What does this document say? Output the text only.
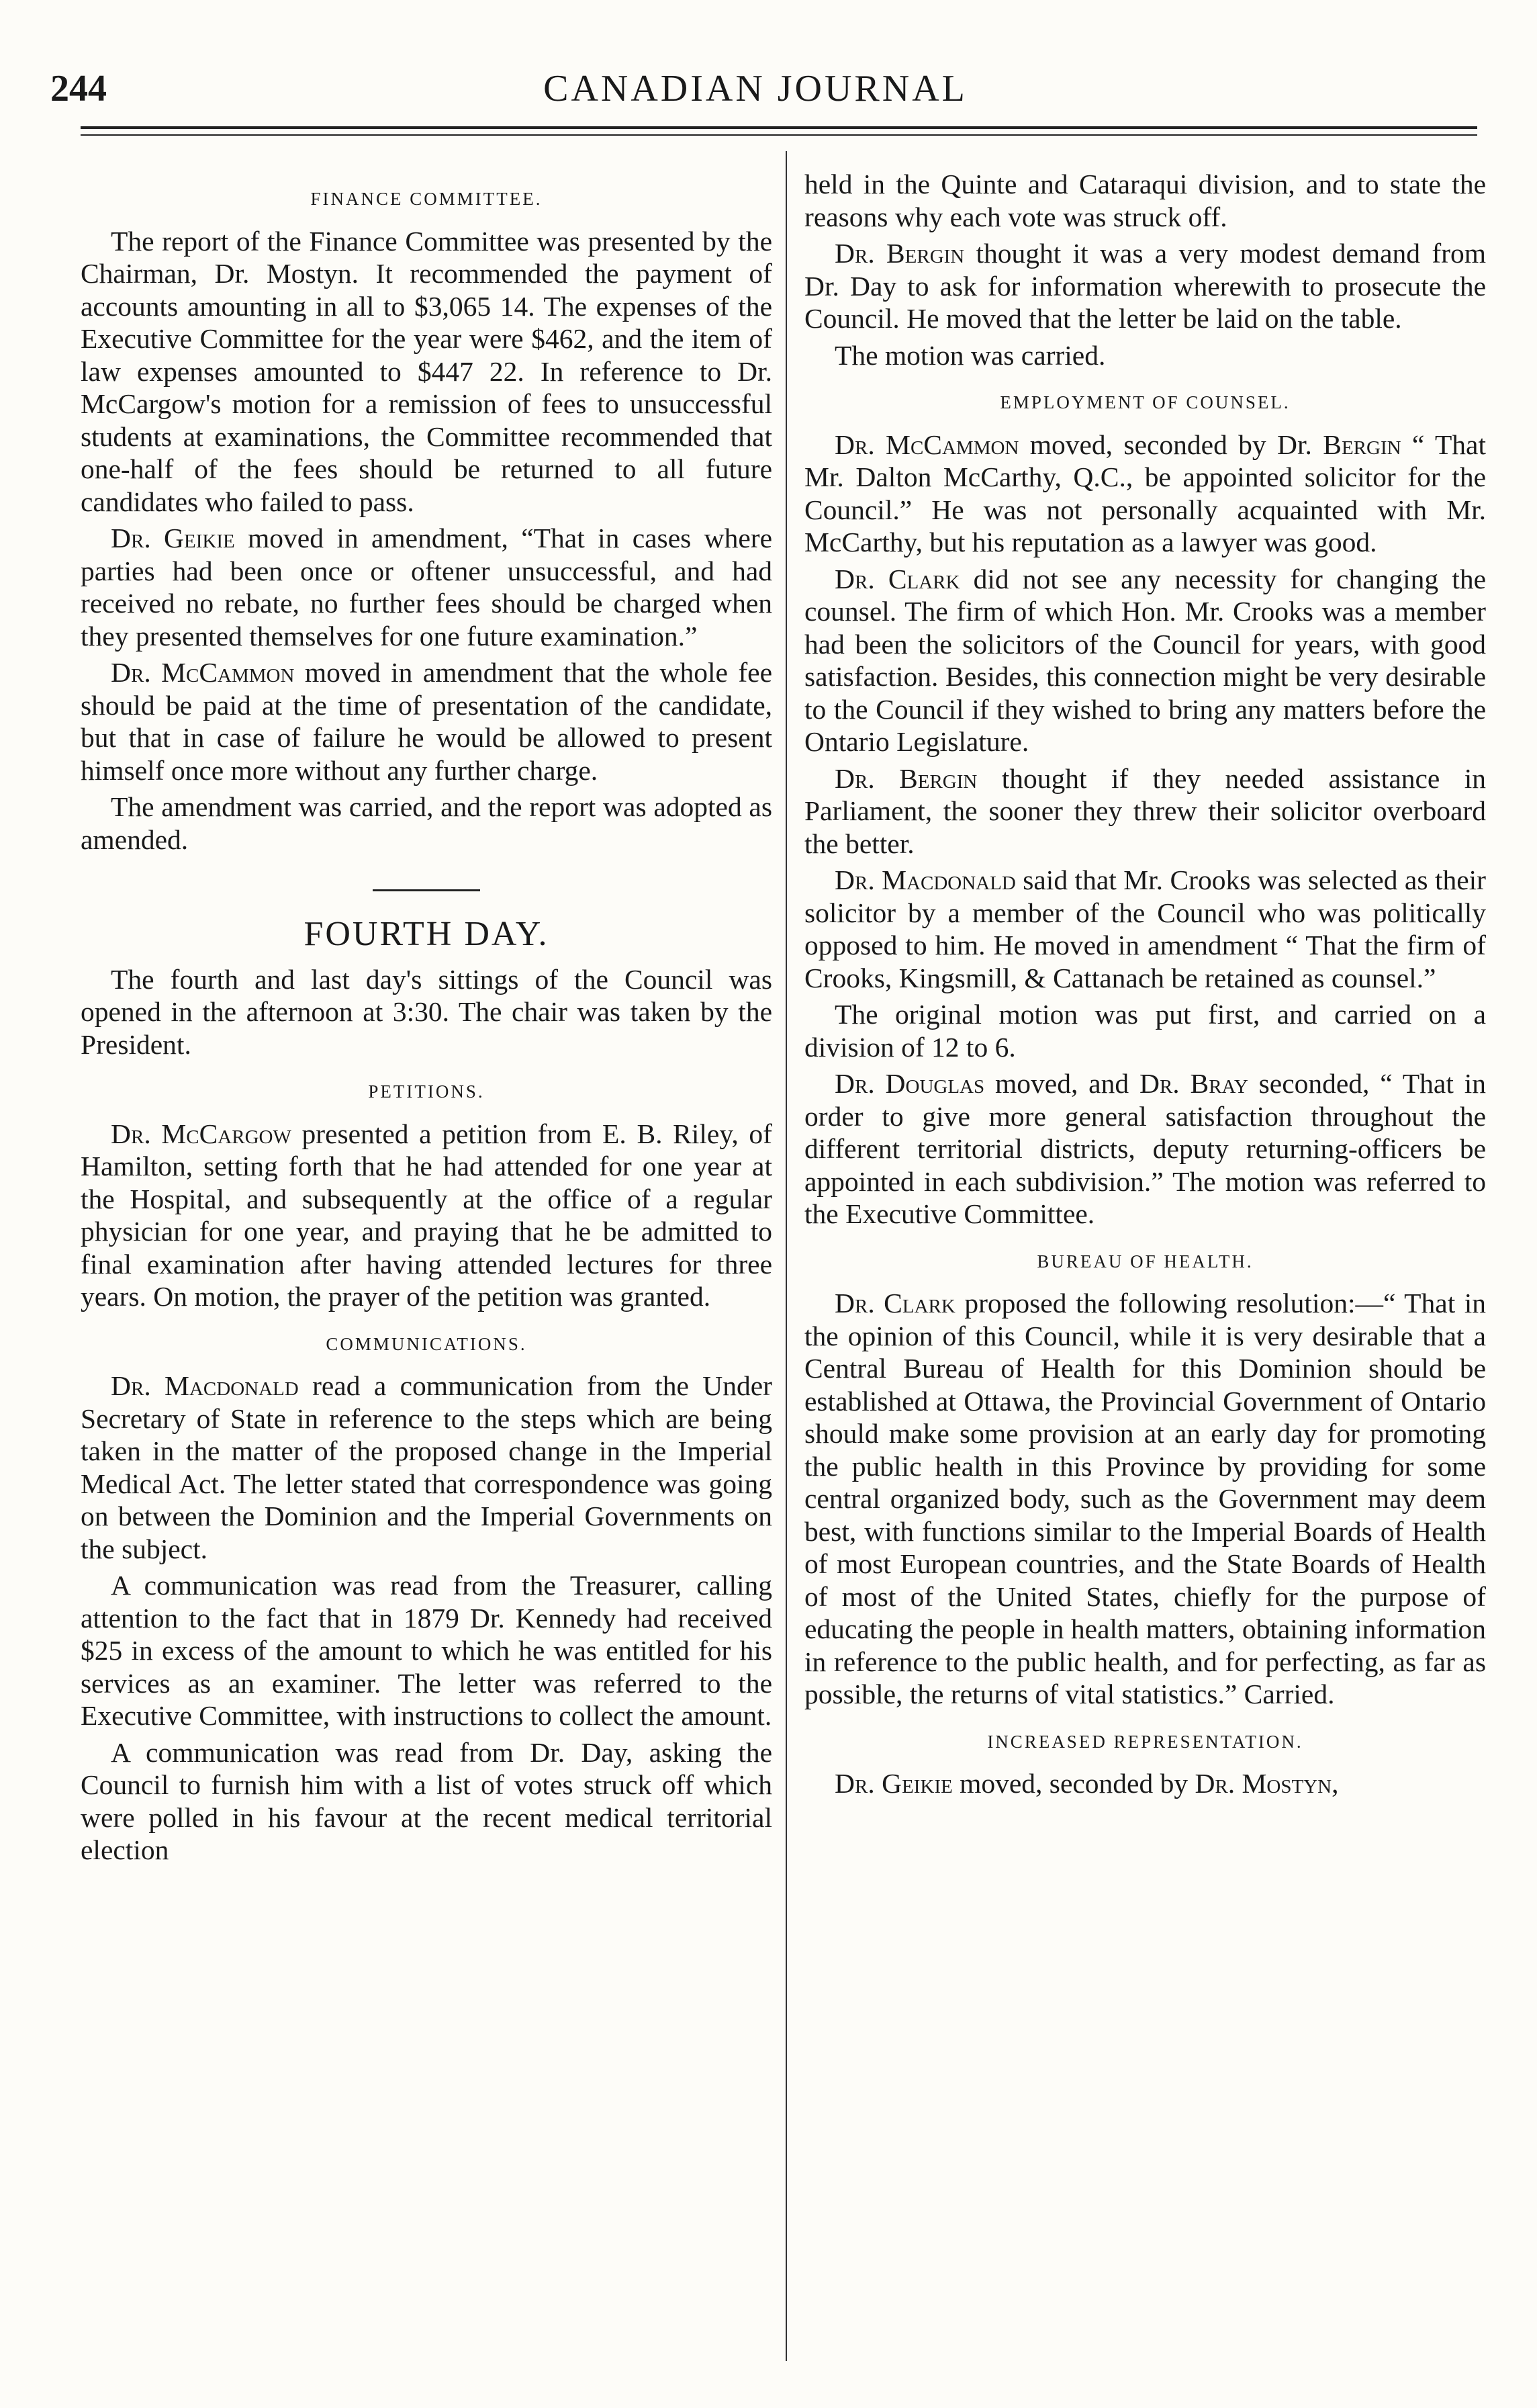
244	CANADIAN JOURNAL
FINANCE COMMITTEE.

The report of the Finance Committee was presented by the Chairman, Dr. Mostyn. It recommended the payment of accounts amounting in all to $3,065 14. The expenses of the Executive Committee for the year were $462, and the item of law expenses amounted to $447 22. In reference to Dr. McCargow's motion for a remission of fees to unsuccessful students at examinations, the Committee recommended that one-half of the fees should be returned to all future candidates who failed to pass.

Dr. Geikie moved in amendment, “That in cases where parties had been once or oftener unsuccessful, and had received no rebate, no further fees should be charged when they presented themselves for one future examination.”

Dr. McCammon moved in amendment that the whole fee should be paid at the time of presentation of the candidate, but that in case of failure he would be allowed to present himself once more without any further charge.

The amendment was carried, and the report was adopted as amended.

FOURTH DAY.

The fourth and last day's sittings of the Council was opened in the afternoon at 3:30. The chair was taken by the President.

PETITIONS.

Dr. McCargow presented a petition from E. B. Riley, of Hamilton, setting forth that he had attended for one year at the Hospital, and subsequently at the office of a regular physician for one year, and praying that he be admitted to final examination after having attended lectures for three years. On motion, the prayer of the petition was granted.

COMMUNICATIONS.

Dr. Macdonald read a communication from the Under Secretary of State in reference to the steps which are being taken in the matter of the proposed change in the Imperial Medical Act. The letter stated that correspondence was going on between the Dominion and the Imperial Governments on the subject.

A communication was read from the Treasurer, calling attention to the fact that in 1879 Dr. Kennedy had received $25 in excess of the amount to which he was entitled for his services as an examiner. The letter was referred to the Executive Committee, with instructions to collect the amount.

A communication was read from Dr. Day, asking the Council to furnish him with a list of votes struck off which were polled in his favour at the recent medical territorial election

held in the Quinte and Cataraqui division, and to state the reasons why each vote was struck off.

Dr. Bergin thought it was a very modest demand from Dr. Day to ask for information wherewith to prosecute the Council. He moved that the letter be laid on the table.

The motion was carried.

EMPLOYMENT OF COUNSEL.

Dr. McCammon moved, seconded by Dr. Bergin “ That Mr. Dalton McCarthy, Q.C., be appointed solicitor for the Council.” He was not personally acquainted with Mr. McCarthy, but his reputation as a lawyer was good.

Dr. Clark did not see any necessity for changing the counsel. The firm of which Hon. Mr. Crooks was a member had been the solicitors of the Council for years, with good satisfaction. Besides, this connection might be very desirable to the Council if they wished to bring any matters before the Ontario Legislature.

Dr. Bergin thought if they needed assistance in Parliament, the sooner they threw their solicitor overboard the better.

Dr. Macdonald said that Mr. Crooks was selected as their solicitor by a member of the Council who was politically opposed to him. He moved in amendment “ That the firm of Crooks, Kingsmill, & Cattanach be retained as counsel.”

The original motion was put first, and carried on a division of 12 to 6.

Dr. Douglas moved, and Dr. Bray seconded, “ That in order to give more general satisfaction throughout the different territorial districts, deputy returning-officers be appointed in each subdivision.” The motion was referred to the Executive Committee.

BUREAU OF HEALTH.

Dr. Clark proposed the following resolution:—“ That in the opinion of this Council, while it is very desirable that a Central Bureau of Health for this Dominion should be established at Ottawa, the Provincial Government of Ontario should make some provision at an early day for promoting the public health in this Province by providing for some central organized body, such as the Government may deem best, with functions similar to the Imperial Boards of Health of most European countries, and the State Boards of Health of most of the United States, chiefly for the purpose of educating the people in health matters, obtaining information in reference to the public health, and for perfecting, as far as possible, the returns of vital statistics.” Carried.

INCREASED REPRESENTATION.

Dr. Geikie moved, seconded by Dr. Mostyn,
